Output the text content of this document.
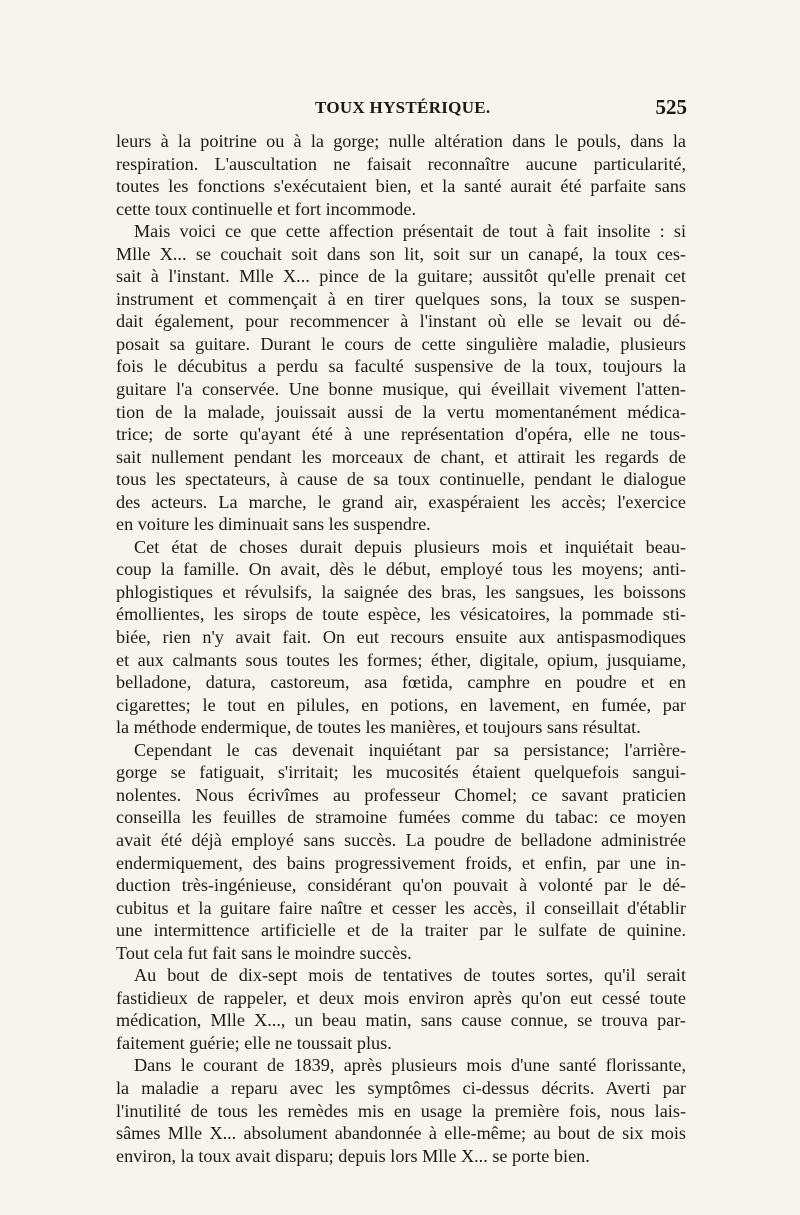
TOUX HYSTÉRIQUE.	525
leurs à la poitrine ou à la gorge; nulle altération dans le pouls, dans la
respiration. L'auscultation ne faisait reconnaître aucune particularité,
toutes les fonctions s'exécutaient bien, et la santé aurait été parfaite sans
cette toux continuelle et fort incommode.
Mais voici ce que cette affection présentait de tout à fait insolite : si
Mlle X... se couchait soit dans son lit, soit sur un canapé, la toux ces-
sait à l'instant. Mlle X... pince de la guitare; aussitôt qu'elle prenait cet
instrument et commençait à en tirer quelques sons, la toux se suspen-
dait également, pour recommencer à l'instant où elle se levait ou dé-
posait sa guitare. Durant le cours de cette singulière maladie, plusieurs
fois le décubitus a perdu sa faculté suspensive de la toux, toujours la
guitare l'a conservée. Une bonne musique, qui éveillait vivement l'atten-
tion de la malade, jouissait aussi de la vertu momentanément médica-
trice; de sorte qu'ayant été à une représentation d'opéra, elle ne tous-
sait nullement pendant les morceaux de chant, et attirait les regards de
tous les spectateurs, à cause de sa toux continuelle, pendant le dialogue
des acteurs. La marche, le grand air, exaspéraient les accès; l'exercice
en voiture les diminuait sans les suspendre.
Cet état de choses durait depuis plusieurs mois et inquiétait beau-
coup la famille. On avait, dès le début, employé tous les moyens; anti-
phlogistiques et révulsifs, la saignée des bras, les sangsues, les boissons
émollientes, les sirops de toute espèce, les vésicatoires, la pommade sti-
biée, rien n'y avait fait. On eut recours ensuite aux antispasmodiques
et aux calmants sous toutes les formes; éther, digitale, opium, jusquiame,
belladone, datura, castoreum, asa fœtida, camphre en poudre et en
cigarettes; le tout en pilules, en potions, en lavement, en fumée, par
la méthode endermique, de toutes les manières, et toujours sans résultat.
Cependant le cas devenait inquiétant par sa persistance; l'arrière-
gorge se fatiguait, s'irritait; les mucosités étaient quelquefois sangui-
nolentes. Nous écrivîmes au professeur Chomel; ce savant praticien
conseilla les feuilles de stramoine fumées comme du tabac: ce moyen
avait été déjà employé sans succès. La poudre de belladone administrée
endermiquement, des bains progressivement froids, et enfin, par une in-
duction très-ingénieuse, considérant qu'on pouvait à volonté par le dé-
cubitus et la guitare faire naître et cesser les accès, il conseillait d'établir
une intermittence artificielle et de la traiter par le sulfate de quinine.
Tout cela fut fait sans le moindre succès.
Au bout de dix-sept mois de tentatives de toutes sortes, qu'il serait
fastidieux de rappeler, et deux mois environ après qu'on eut cessé toute
médication, Mlle X..., un beau matin, sans cause connue, se trouva par-
faitement guérie; elle ne toussait plus.
Dans le courant de 1839, après plusieurs mois d'une santé florissante,
la maladie a reparu avec les symptômes ci-dessus décrits. Averti par
l'inutilité de tous les remèdes mis en usage la première fois, nous lais-
sâmes Mlle X... absolument abandonnée à elle-même; au bout de six mois
environ, la toux avait disparu; depuis lors Mlle X... se porte bien.
